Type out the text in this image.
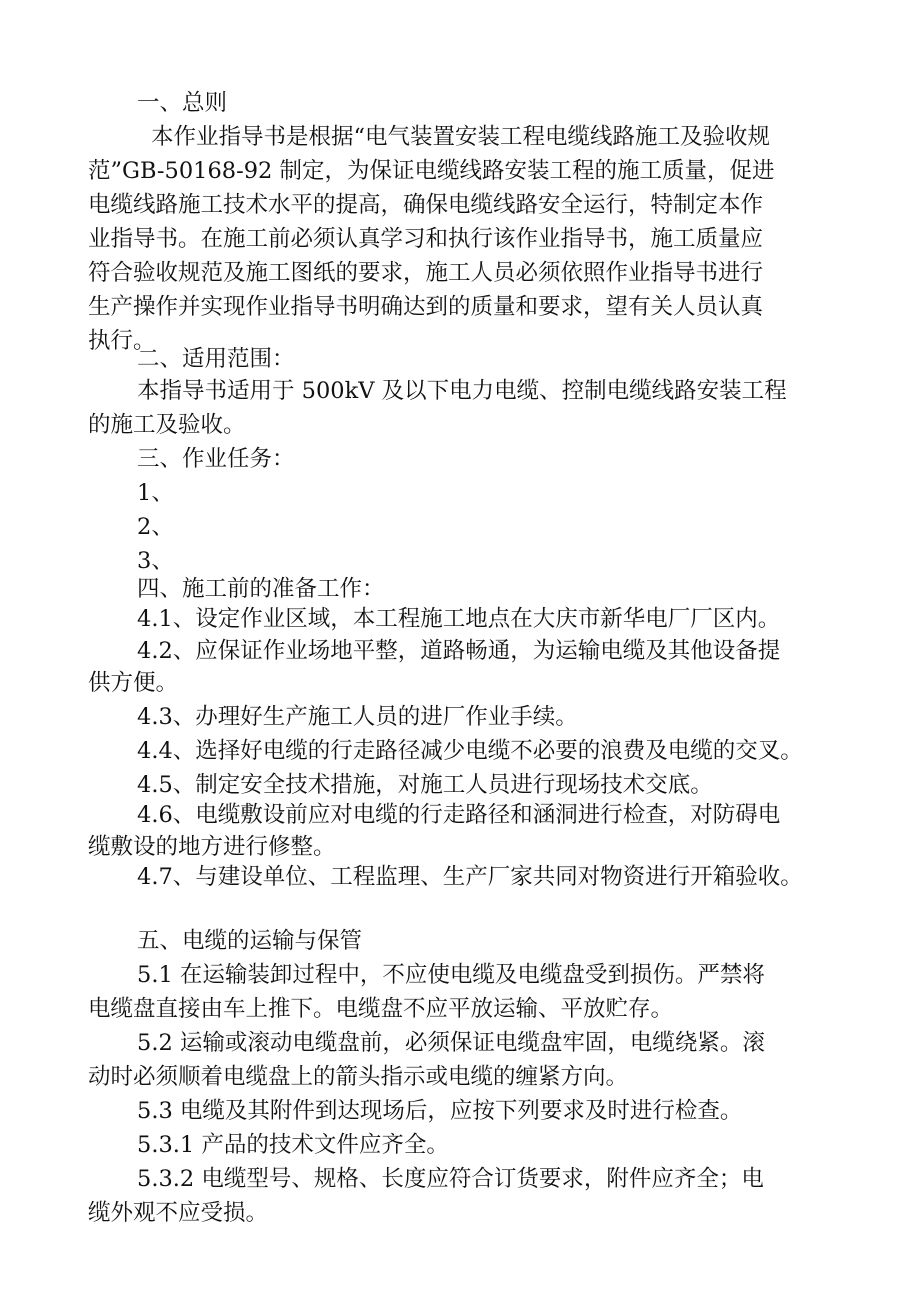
一、总则
本作业指导书是根据“电气装置安装工程电缆线路施工及验收规
范”GB-50168-92 制定，为保证电缆线路安装工程的施工质量，促进
电缆线路施工技术水平的提高，确保电缆线路安全运行，特制定本作
业指导书。在施工前必须认真学习和执行该作业指导书，施工质量应
符合验收规范及施工图纸的要求，施工人员必须依照作业指导书进行
生产操作并实现作业指导书明确达到的质量和要求，望有关人员认真
执行。
二、适用范围：
本指导书适用于 500kV 及以下电力电缆、控制电缆线路安装工程
的施工及验收。
三、作业任务：
1、
2、
3、
四、施工前的准备工作：
4.1、设定作业区域，本工程施工地点在大庆市新华电厂厂区内。
4.2、应保证作业场地平整，道路畅通，为运输电缆及其他设备提
供方便。
4.3、办理好生产施工人员的进厂作业手续。
4.4、选择好电缆的行走路径减少电缆不必要的浪费及电缆的交叉。
4.5、制定安全技术措施，对施工人员进行现场技术交底。
4.6、电缆敷设前应对电缆的行走路径和涵洞进行检查，对防碍电
缆敷设的地方进行修整。
4.7、与建设单位、工程监理、生产厂家共同对物资进行开箱验收。
五、电缆的运输与保管
5.1 在运输装卸过程中，不应使电缆及电缆盘受到损伤。严禁将
电缆盘直接由车上推下。电缆盘不应平放运输、平放贮存。
5.2 运输或滚动电缆盘前，必须保证电缆盘牢固，电缆绕紧。滚
动时必须顺着电缆盘上的箭头指示或电缆的缠紧方向。
5.3 电缆及其附件到达现场后，应按下列要求及时进行检查。
5.3.1 产品的技术文件应齐全。
5.3.2 电缆型号、规格、长度应符合订货要求，附件应齐全；电
缆外观不应受损。
